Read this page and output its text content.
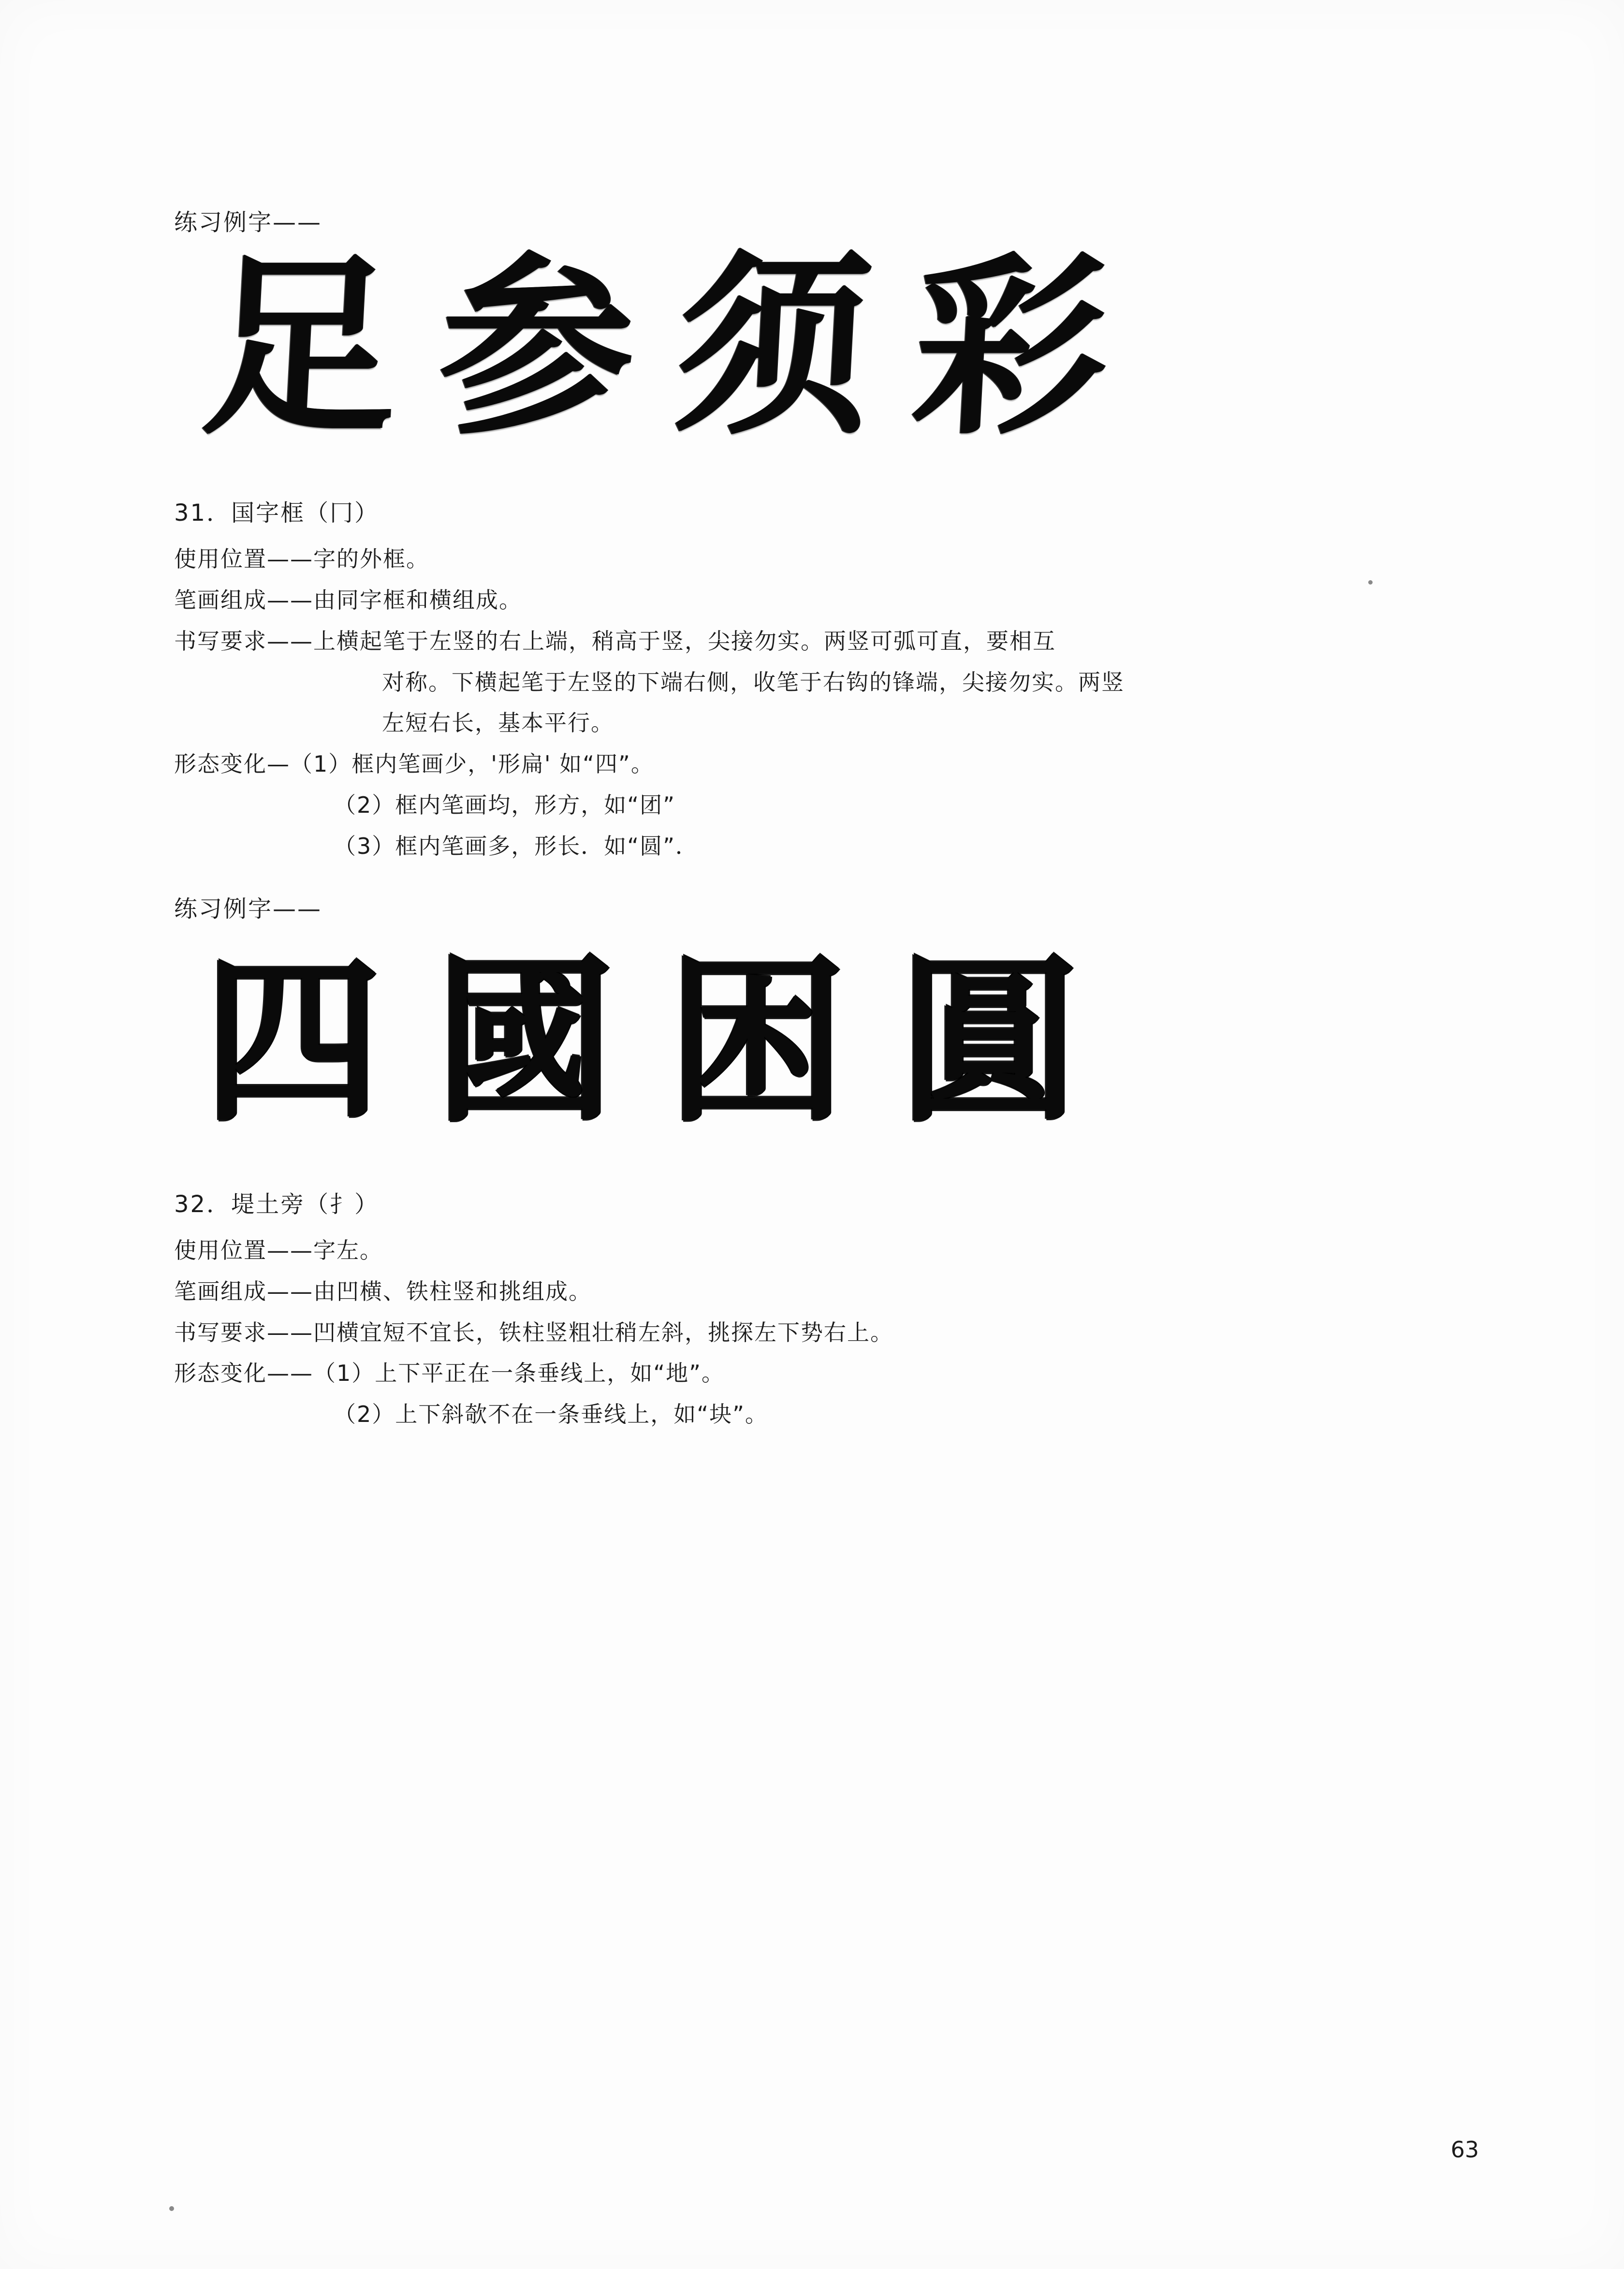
练习例字——
足 参 须 彩
31．国字框（冂）
使用位置——字的外框。
笔画组成——由同字框和横组成。
书写要求——上横起笔于左竖的右上端，稍高于竖，尖接勿实。两竖可弧可直，要相互
对称。下横起笔于左竖的下端右侧，收笔于右钩的锋端，尖接勿实。两竖
左短右长，基本平行。
形态变化—（1）框内笔画少，'形扁' 如“四”。
（2）框内笔画均，形方，如“团”
（3）框内笔画多，形长．如“圆”．
练习例字——
四 國 困 圓
32．堤土旁（扌）
使用位置——字左。
笔画组成——由凹横、铁柱竖和挑组成。
书写要求——凹横宜短不宜长，铁柱竖粗壮稍左斜，挑探左下势右上。
形态变化——（1）上下平正在一条垂线上，如“地”。
（2）上下斜欹不在一条垂线上，如“块”。
63
